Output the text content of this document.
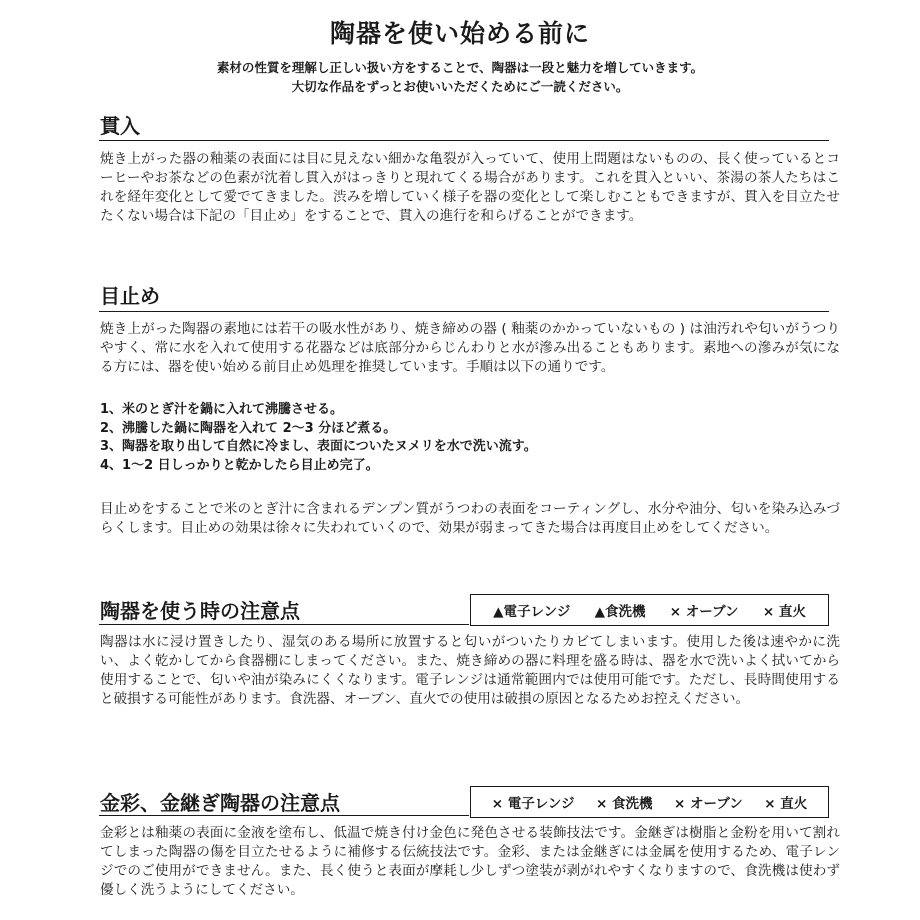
陶器を使い始める前に

素材の性質を理解し正しい扱い方をすることで、陶器は一段と魅力を増していきます。

大切な作品をずっとお使いいただくためにご一読ください。

貫入

焼き上がった器の釉薬の表面には目に見えない細かな亀裂が入っていて、使用上問題はないものの、長く使っているとコーヒーやお茶などの色素が沈着し貫入がはっきりと現れてくる場合があります。これを貫入といい、茶湯の茶人たちはこれを経年変化として愛でてきました。渋みを増していく様子を器の変化として楽しむこともできますが、貫入を目立たせたくない場合は下記の「目止め」をすることで、貫入の進行を和らげることができます。

目止め

焼き上がった陶器の素地には若干の吸水性があり、焼き締めの器 ( 釉薬のかかっていないもの ) は油汚れや匂いがうつりやすく、常に水を入れて使用する花器などは底部分からじんわりと水が滲み出ることもあります。素地への滲みが気になる方には、器を使い始める前目止め処理を推奨しています。手順は以下の通りです。

1、米のとぎ汁を鍋に入れて沸騰させる。
2、沸騰した鍋に陶器を入れて 2～3 分ほど煮る。
3、陶器を取り出して自然に冷まし、表面についたヌメリを水で洗い流す。
4、1～2 日しっかりと乾かしたら目止め完了。

目止めをすることで米のとぎ汁に含まれるデンプン質がうつわの表面をコーティングし、水分や油分、匂いを染み込みづらくします。目止めの効果は徐々に失われていくので、効果が弱まってきた場合は再度目止めをしてください。

陶器を使う時の注意点	▲電子レンジ ▲食洗機 × オーブン × 直火

陶器は水に浸け置きしたり、湿気のある場所に放置すると匂いがついたりカビてしまいます。使用した後は速やかに洗い、よく乾かしてから食器棚にしまってください。また、焼き締めの器に料理を盛る時は、器を水で洗いよく拭いてから使用することで、匂いや油が染みにくくなります。電子レンジは通常範囲内では使用可能です。ただし、長時間使用すると破損する可能性があります。食洗器、オーブン、直火での使用は破損の原因となるためお控えください。

金彩、金継ぎ陶器の注意点	× 電子レンジ × 食洗機 × オーブン × 直火

金彩とは釉薬の表面に金液を塗布し、低温で焼き付け金色に発色させる装飾技法です。金継ぎは樹脂と金粉を用いて割れてしまった陶器の傷を目立たせるように補修する伝統技法です。金彩、または金継ぎには金属を使用するため、電子レンジでのご使用ができません。また、長く使うと表面が摩耗し少しずつ塗装が剥がれやすくなりますので、食洗機は使わず優しく洗うようにしてください。
